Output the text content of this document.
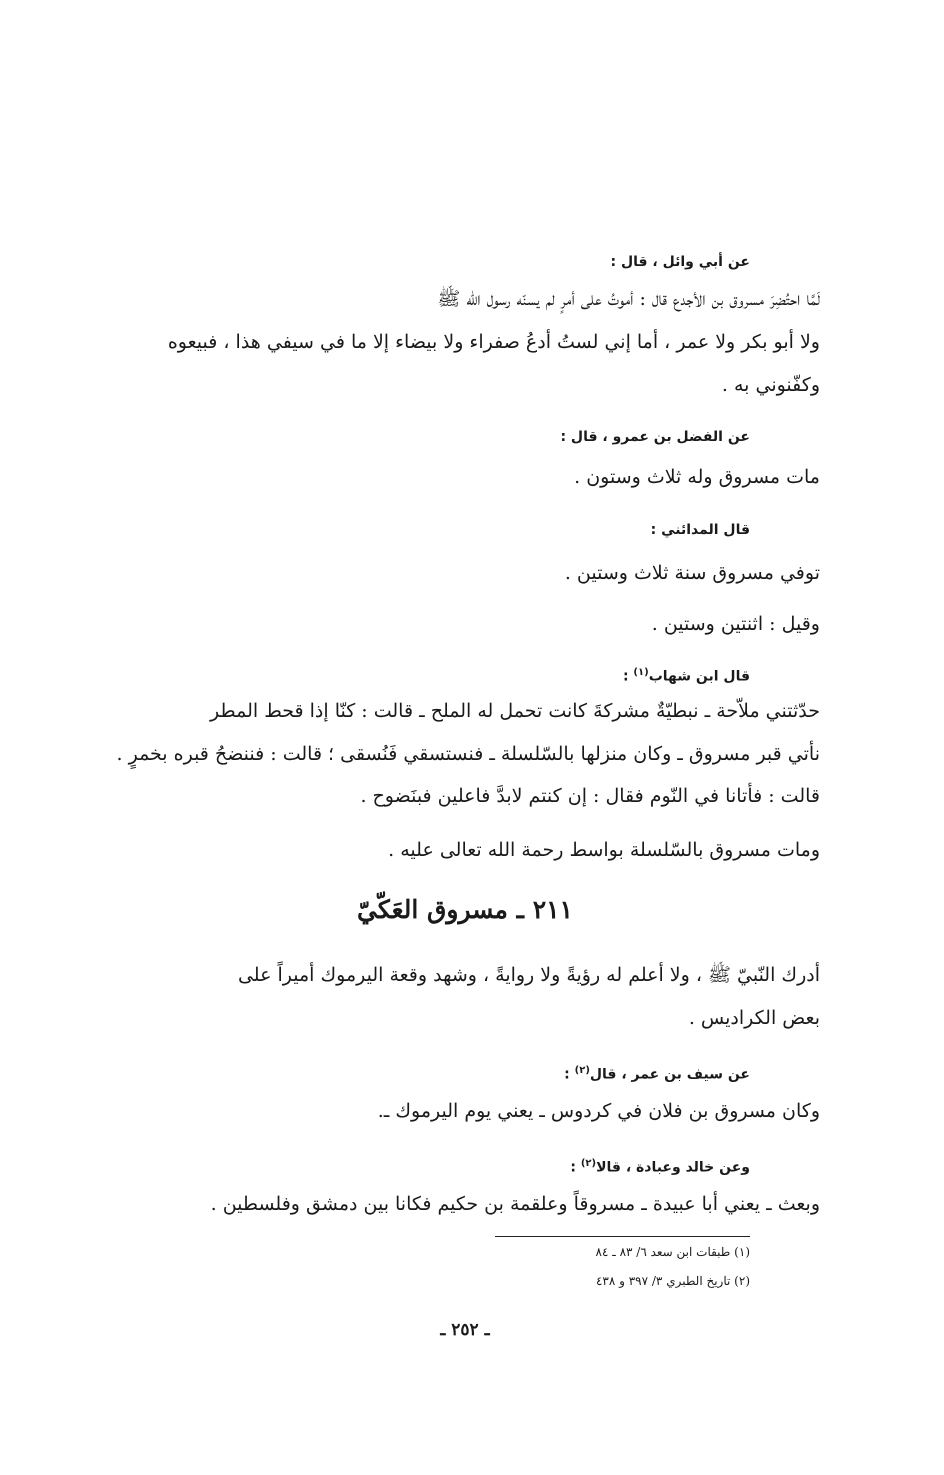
عن أبي وائل ، قال :
لَمَّا احتُضِرَ مسروق بن الأجدع قال : أموتُ على أمرٍ لم يسنّه رسول الله ﷺ
ولا أبو بكر ولا عمر ، أما إني لستُ أدعُ صفراء ولا بيضاء إلا ما في سيفي هذا ، فبيعوه
وكفّنوني به .
عن الفضل بن عمرو ، قال :
مات مسروق وله ثلاث وستون .
قال المدائني :
توفي مسروق سنة ثلاث وستين .
وقيل : اثنتين وستين .
قال ابن شهاب$^{(١)}$ :
حدّثتني ملاّحة ـ نبطيّةٌ مشركةَ كانت تحمل له الملح ـ قالت : كنّا إذا قحط المطر
نأتي قبر مسروق ـ وكان منزلها بالسّلسلة ـ فنستسقي فَنُسقى ؛ قالت : فننضحُ قبره بخمرٍ .
قالت : فأتانا في النّوم فقال : إن كنتم لابدَّ فاعلين فبنَضوح .
ومات مسروق بالسّلسلة بواسط رحمة الله تعالى عليه .
٢١١ ـ مسروق العَكّيّ
أدرك النّبيّ ﷺ ، ولا أعلم له رؤيةً ولا روايةً ، وشهد وقعة اليرموك أميراً على
بعض الكراديس .
عن سيف بن عمر ، قال$^{(٢)}$ :
وكان مسروق بن فلان في كردوس ـ يعني يوم اليرموك ـ.
وعن خالد وعبادة ، قالا$^{(٢)}$ :
وبعث ـ يعني أبا عبيدة ـ مسروقاً وعلقمة بن حكيم فكانا بين دمشق وفلسطين .
(١) طبقات ابن سعد ٦/ ٨٣ ـ ٨٤
(٢) تاريخ الطبري ٣/ ٣٩٧ و ٤٣٨
ـ ٢٥٢ ـ
